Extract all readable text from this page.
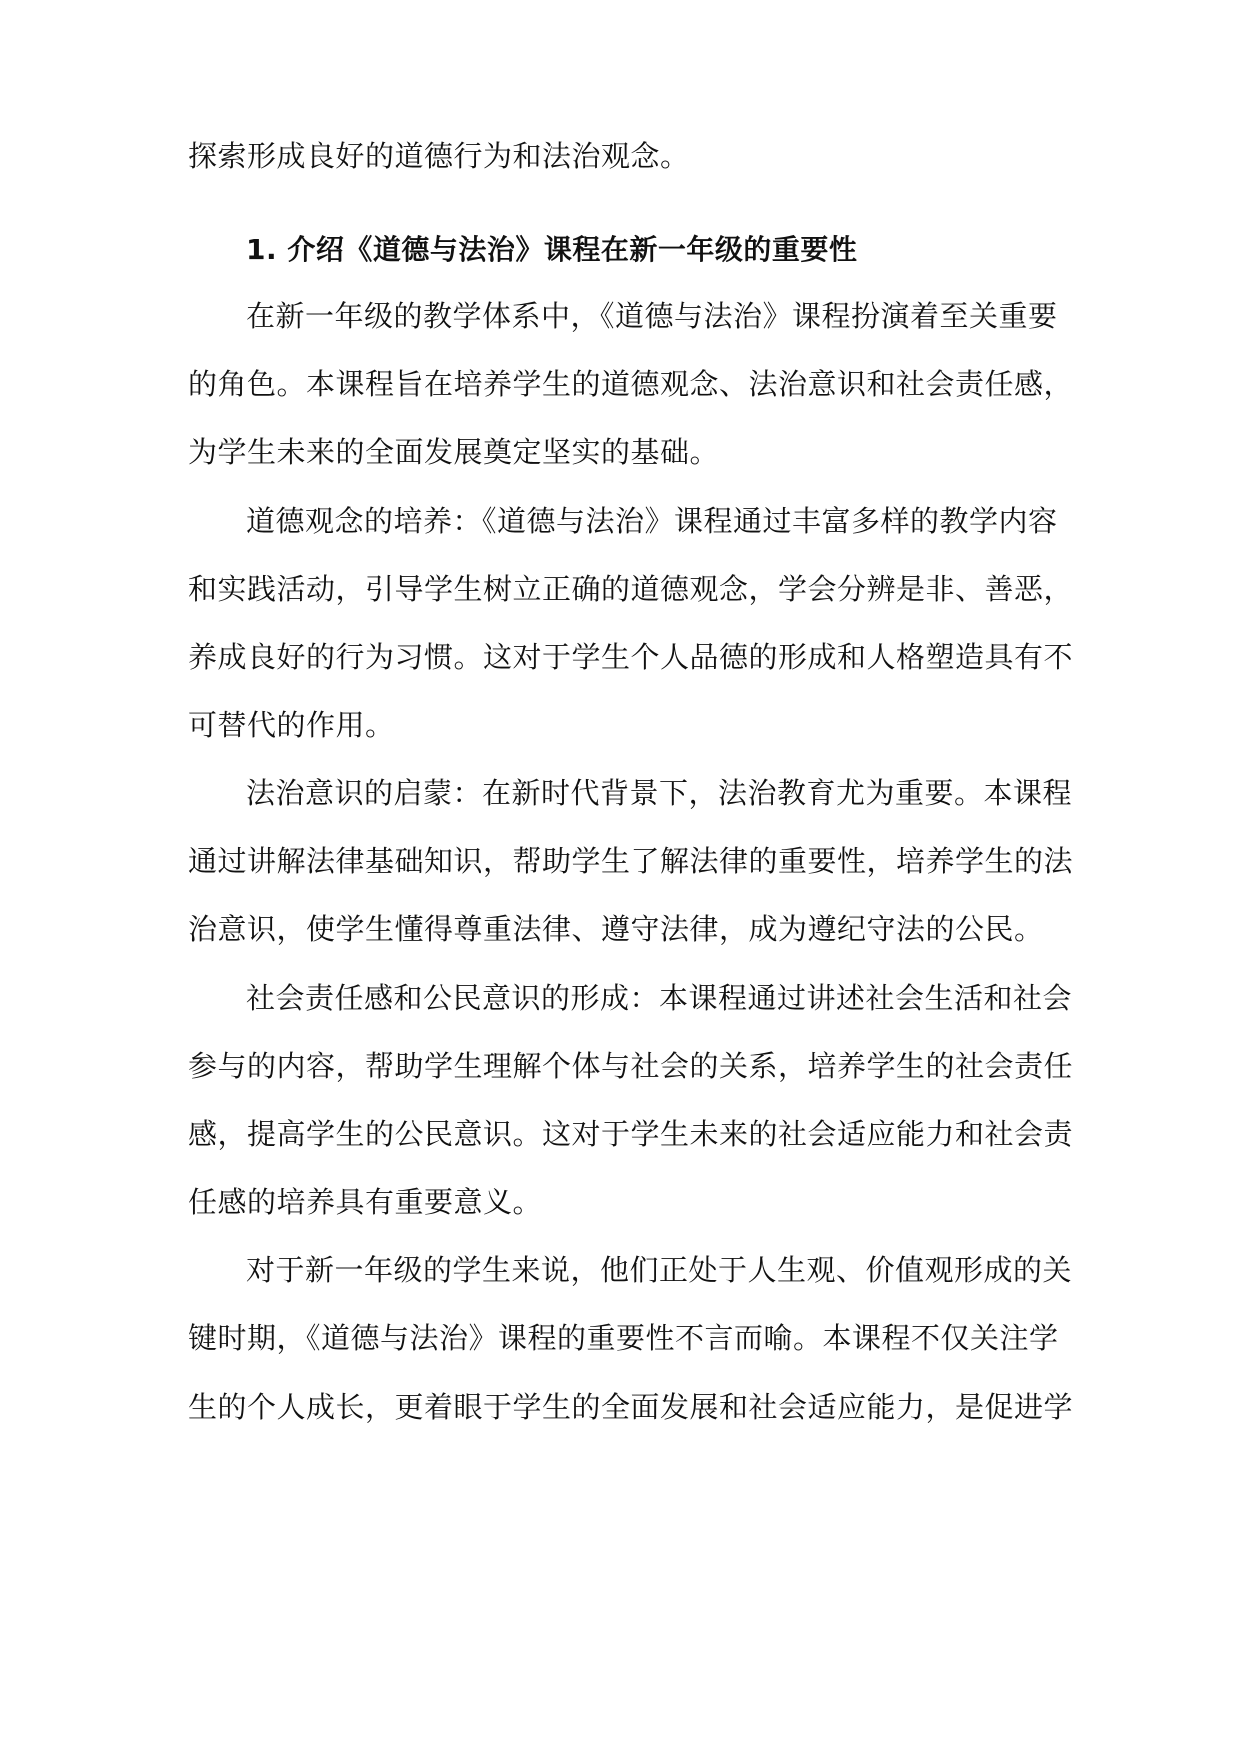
探索形成良好的道德行为和法治观念。
1. 介绍《道德与法治》课程在新一年级的重要性
在新一年级的教学体系中，《道德与法治》课程扮演着至关重要
的角色。本课程旨在培养学生的道德观念、法治意识和社会责任感，
为学生未来的全面发展奠定坚实的基础。
道德观念的培养：《道德与法治》课程通过丰富多样的教学内容
和实践活动，引导学生树立正确的道德观念，学会分辨是非、善恶，
养成良好的行为习惯。这对于学生个人品德的形成和人格塑造具有不
可替代的作用。
法治意识的启蒙：在新时代背景下，法治教育尤为重要。本课程
通过讲解法律基础知识，帮助学生了解法律的重要性，培养学生的法
治意识，使学生懂得尊重法律、遵守法律，成为遵纪守法的公民。
社会责任感和公民意识的形成：本课程通过讲述社会生活和社会
参与的内容，帮助学生理解个体与社会的关系，培养学生的社会责任
感，提高学生的公民意识。这对于学生未来的社会适应能力和社会责
任感的培养具有重要意义。
对于新一年级的学生来说，他们正处于人生观、价值观形成的关
键时期，《道德与法治》课程的重要性不言而喻。本课程不仅关注学
生的个人成长，更着眼于学生的全面发展和社会适应能力，是促进学
